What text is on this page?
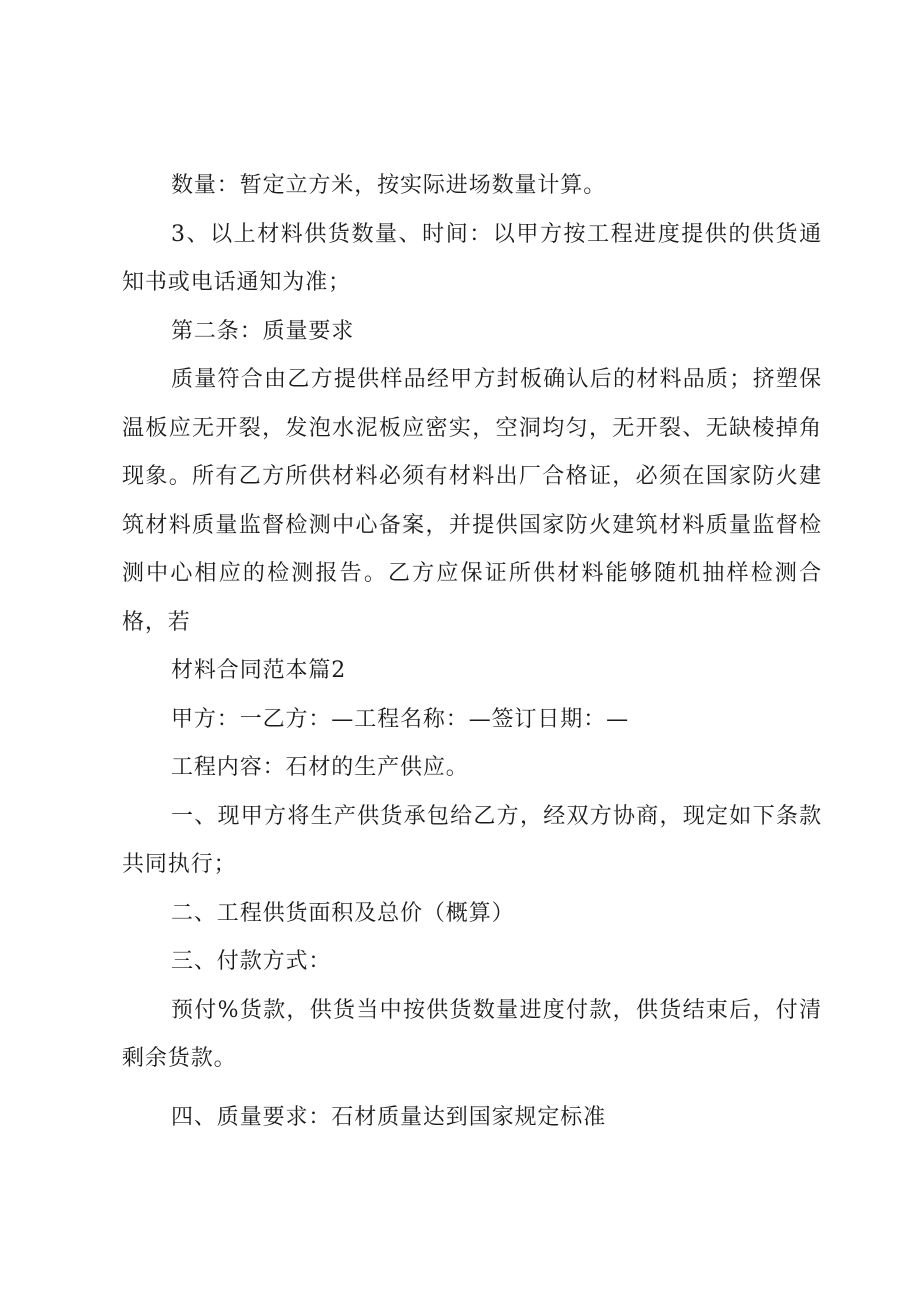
数量：暂定立方米，按实际进场数量计算。

3、以上材料供货数量、时间：以甲方按工程进度提供的供货通知书或电话通知为准；

第二条：质量要求

质量符合由乙方提供样品经甲方封板确认后的材料品质；挤塑保温板应无开裂，发泡水泥板应密实，空洞均匀，无开裂、无缺棱掉角现象。所有乙方所供材料必须有材料出厂合格证，必须在国家防火建筑材料质量监督检测中心备案，并提供国家防火建筑材料质量监督检测中心相应的检测报告。乙方应保证所供材料能够随机抽样检测合格，若

材料合同范本篇2

甲方：一乙方：—工程名称：—签订日期：—

工程内容：石材的生产供应。

一、现甲方将生产供货承包给乙方，经双方协商，现定如下条款共同执行；

二、工程供货面积及总价（概算）

三、付款方式：

预付%货款，供货当中按供货数量进度付款，供货结束后，付清剩余货款。

四、质量要求：石材质量达到国家规定标准
